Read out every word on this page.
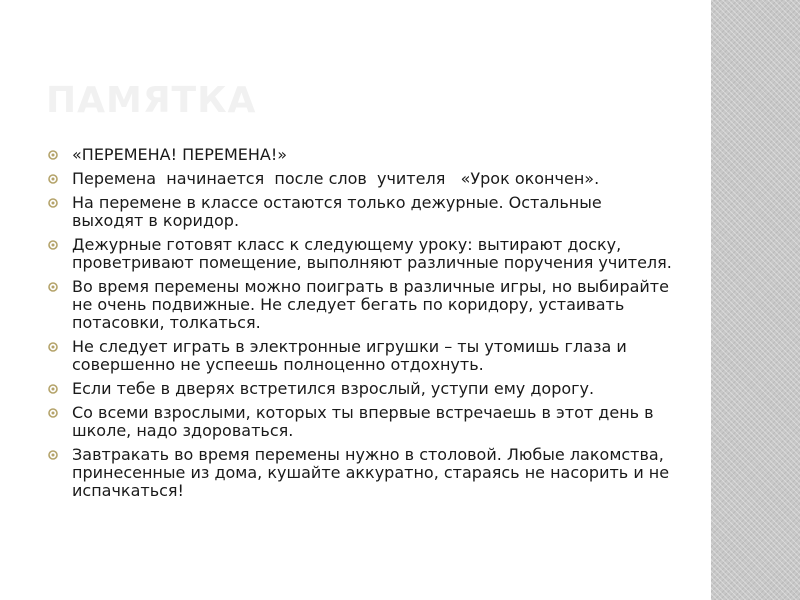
ПАМЯТКА
«ПЕРЕМЕНА! ПЕРЕМЕНА!»
Перемена  начинается  после слов  учителя   «Урок окончен».
На перемене в классе остаются только дежурные. Остальные выходят в коридор.
Дежурные готовят класс к следующему уроку: вытирают доску, проветривают помещение, выполняют различные поручения учителя.
Во время перемены можно поиграть в различные игры, но выбирайте не очень подвижные. Не следует бегать по коридору, устаивать потасовки, толкаться.
Не следует играть в электронные игрушки – ты утомишь глаза и совершенно не успеешь полноценно отдохнуть.
Если тебе в дверях встретился взрослый, уступи ему дорогу.
Со всеми взрослыми, которых ты впервые встречаешь в этот день в школе, надо здороваться.
Завтракать во время перемены нужно в столовой. Любые лакомства, принесенные из дома, кушайте аккуратно, стараясь не насорить и не испачкаться!
